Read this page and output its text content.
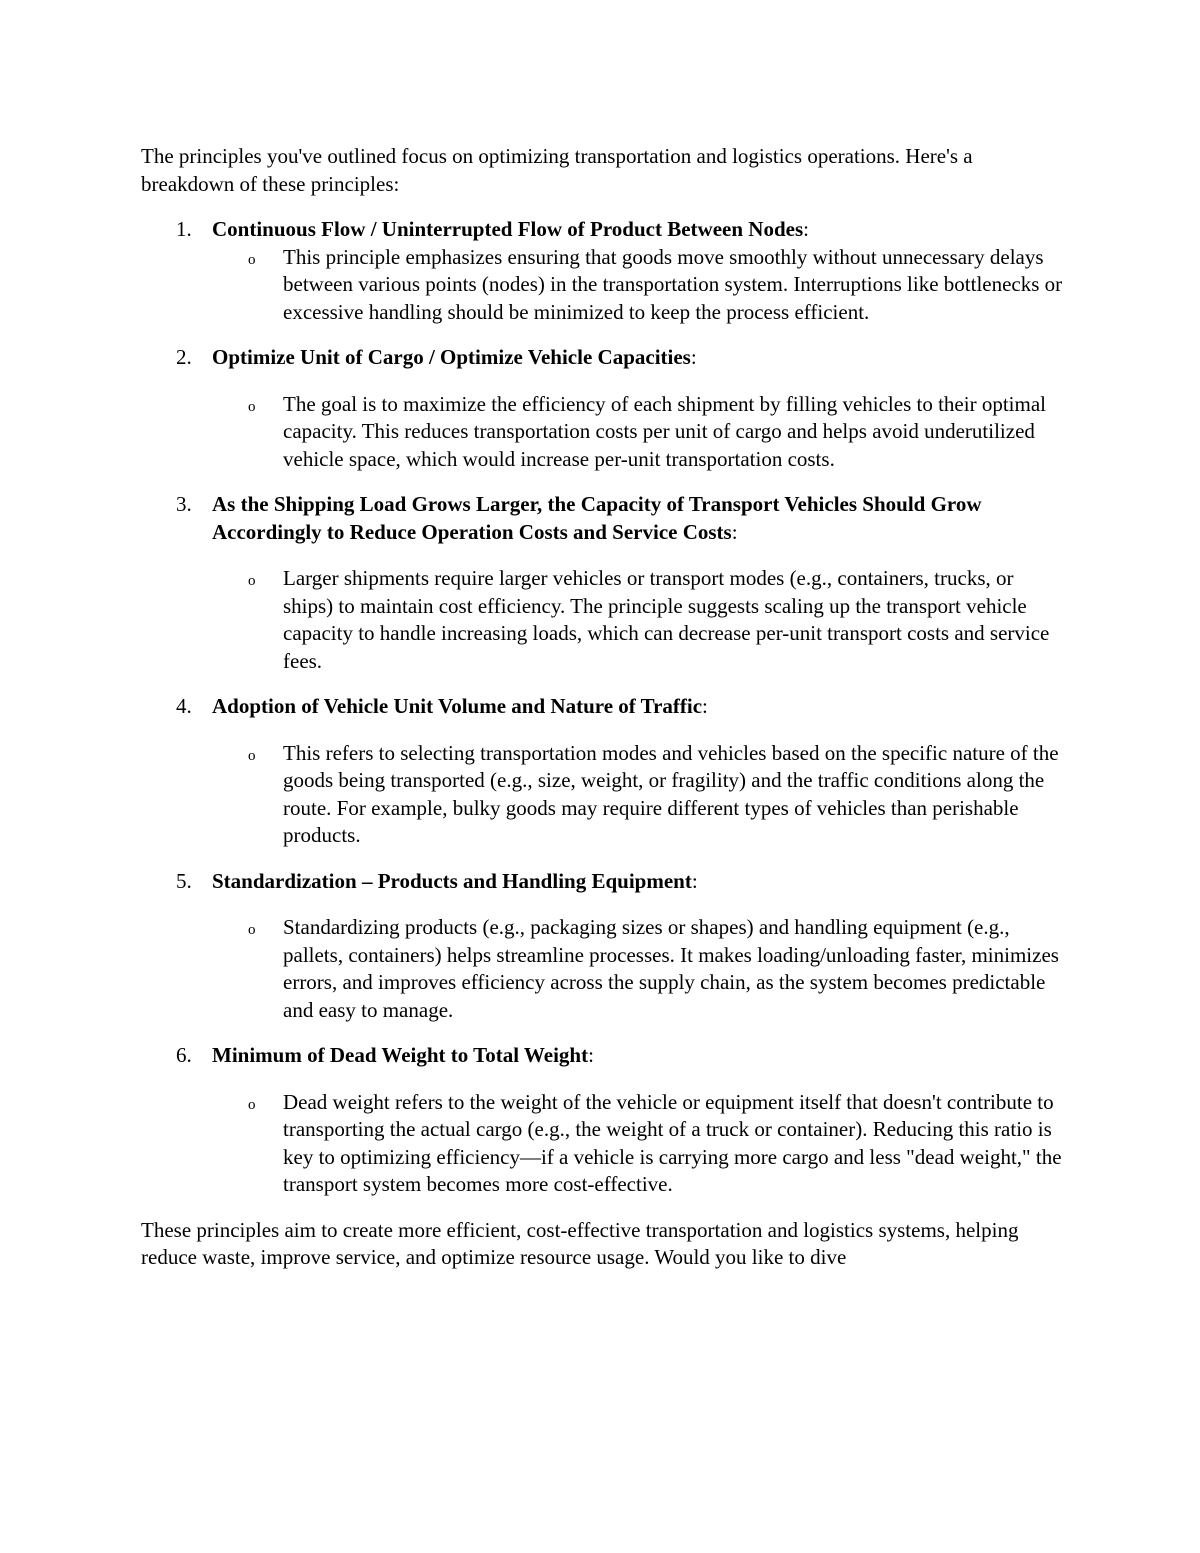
The principles you've outlined focus on optimizing transportation and logistics operations. Here's a breakdown of these principles:

1. Continuous Flow / Uninterrupted Flow of Product Between Nodes:

o This principle emphasizes ensuring that goods move smoothly without unnecessary delays between various points (nodes) in the transportation system. Interruptions like bottlenecks or excessive handling should be minimized to keep the process efficient.

2. Optimize Unit of Cargo / Optimize Vehicle Capacities:

o The goal is to maximize the efficiency of each shipment by filling vehicles to their optimal capacity. This reduces transportation costs per unit of cargo and helps avoid underutilized vehicle space, which would increase per-unit transportation costs.

3. As the Shipping Load Grows Larger, the Capacity of Transport Vehicles Should Grow Accordingly to Reduce Operation Costs and Service Costs:

o Larger shipments require larger vehicles or transport modes (e.g., containers, trucks, or ships) to maintain cost efficiency. The principle suggests scaling up the transport vehicle capacity to handle increasing loads, which can decrease per-unit transport costs and service fees.

4. Adoption of Vehicle Unit Volume and Nature of Traffic:

o This refers to selecting transportation modes and vehicles based on the specific nature of the goods being transported (e.g., size, weight, or fragility) and the traffic conditions along the route. For example, bulky goods may require different types of vehicles than perishable products.

5. Standardization – Products and Handling Equipment:

o Standardizing products (e.g., packaging sizes or shapes) and handling equipment (e.g., pallets, containers) helps streamline processes. It makes loading/unloading faster, minimizes errors, and improves efficiency across the supply chain, as the system becomes predictable and easy to manage.

6. Minimum of Dead Weight to Total Weight:

o Dead weight refers to the weight of the vehicle or equipment itself that doesn't contribute to transporting the actual cargo (e.g., the weight of a truck or container). Reducing this ratio is key to optimizing efficiency—if a vehicle is carrying more cargo and less "dead weight," the transport system becomes more cost-effective.

These principles aim to create more efficient, cost-effective transportation and logistics systems, helping reduce waste, improve service, and optimize resource usage. Would you like to dive
